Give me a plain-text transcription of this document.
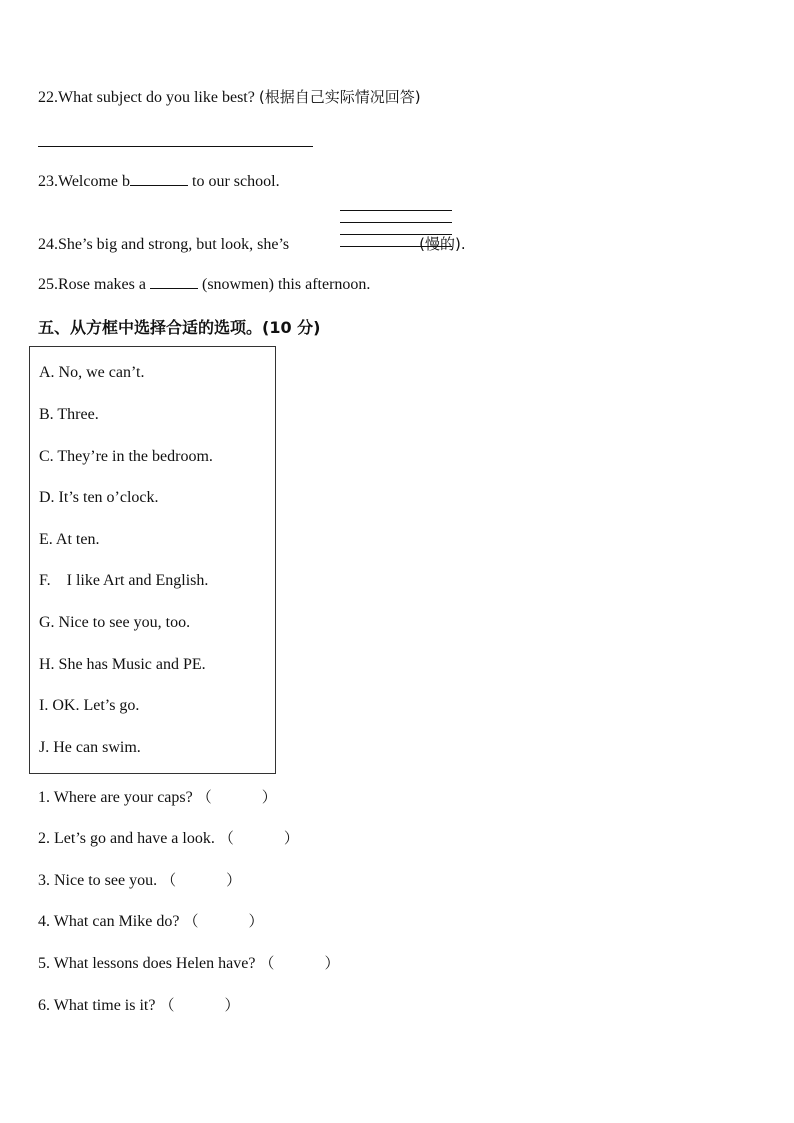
22.What subject do you like best? (根据自己实际情况回答)
23.Welcome b	to our school.
24.She’s big and strong, but look, she’s	(慢的).
25.Rose makes a	(snowmen) this afternoon.
五、从方框中选择合适的选项。(10 分)
A. No, we can’t.
B. Three.
C. They’re in the bedroom.
D. It’s ten o’clock.
E. At ten.
F.    I like Art and English.
G. Nice to see you, too.
H. She has Music and PE.
I. OK. Let’s go.
J. He can swim.
1. Where are your caps? （	）
2. Let’s go and have a look. （	）
3. Nice to see you. （	）
4. What can Mike do? （	）
5. What lessons does Helen have? （	）
6. What time is it? （	）
